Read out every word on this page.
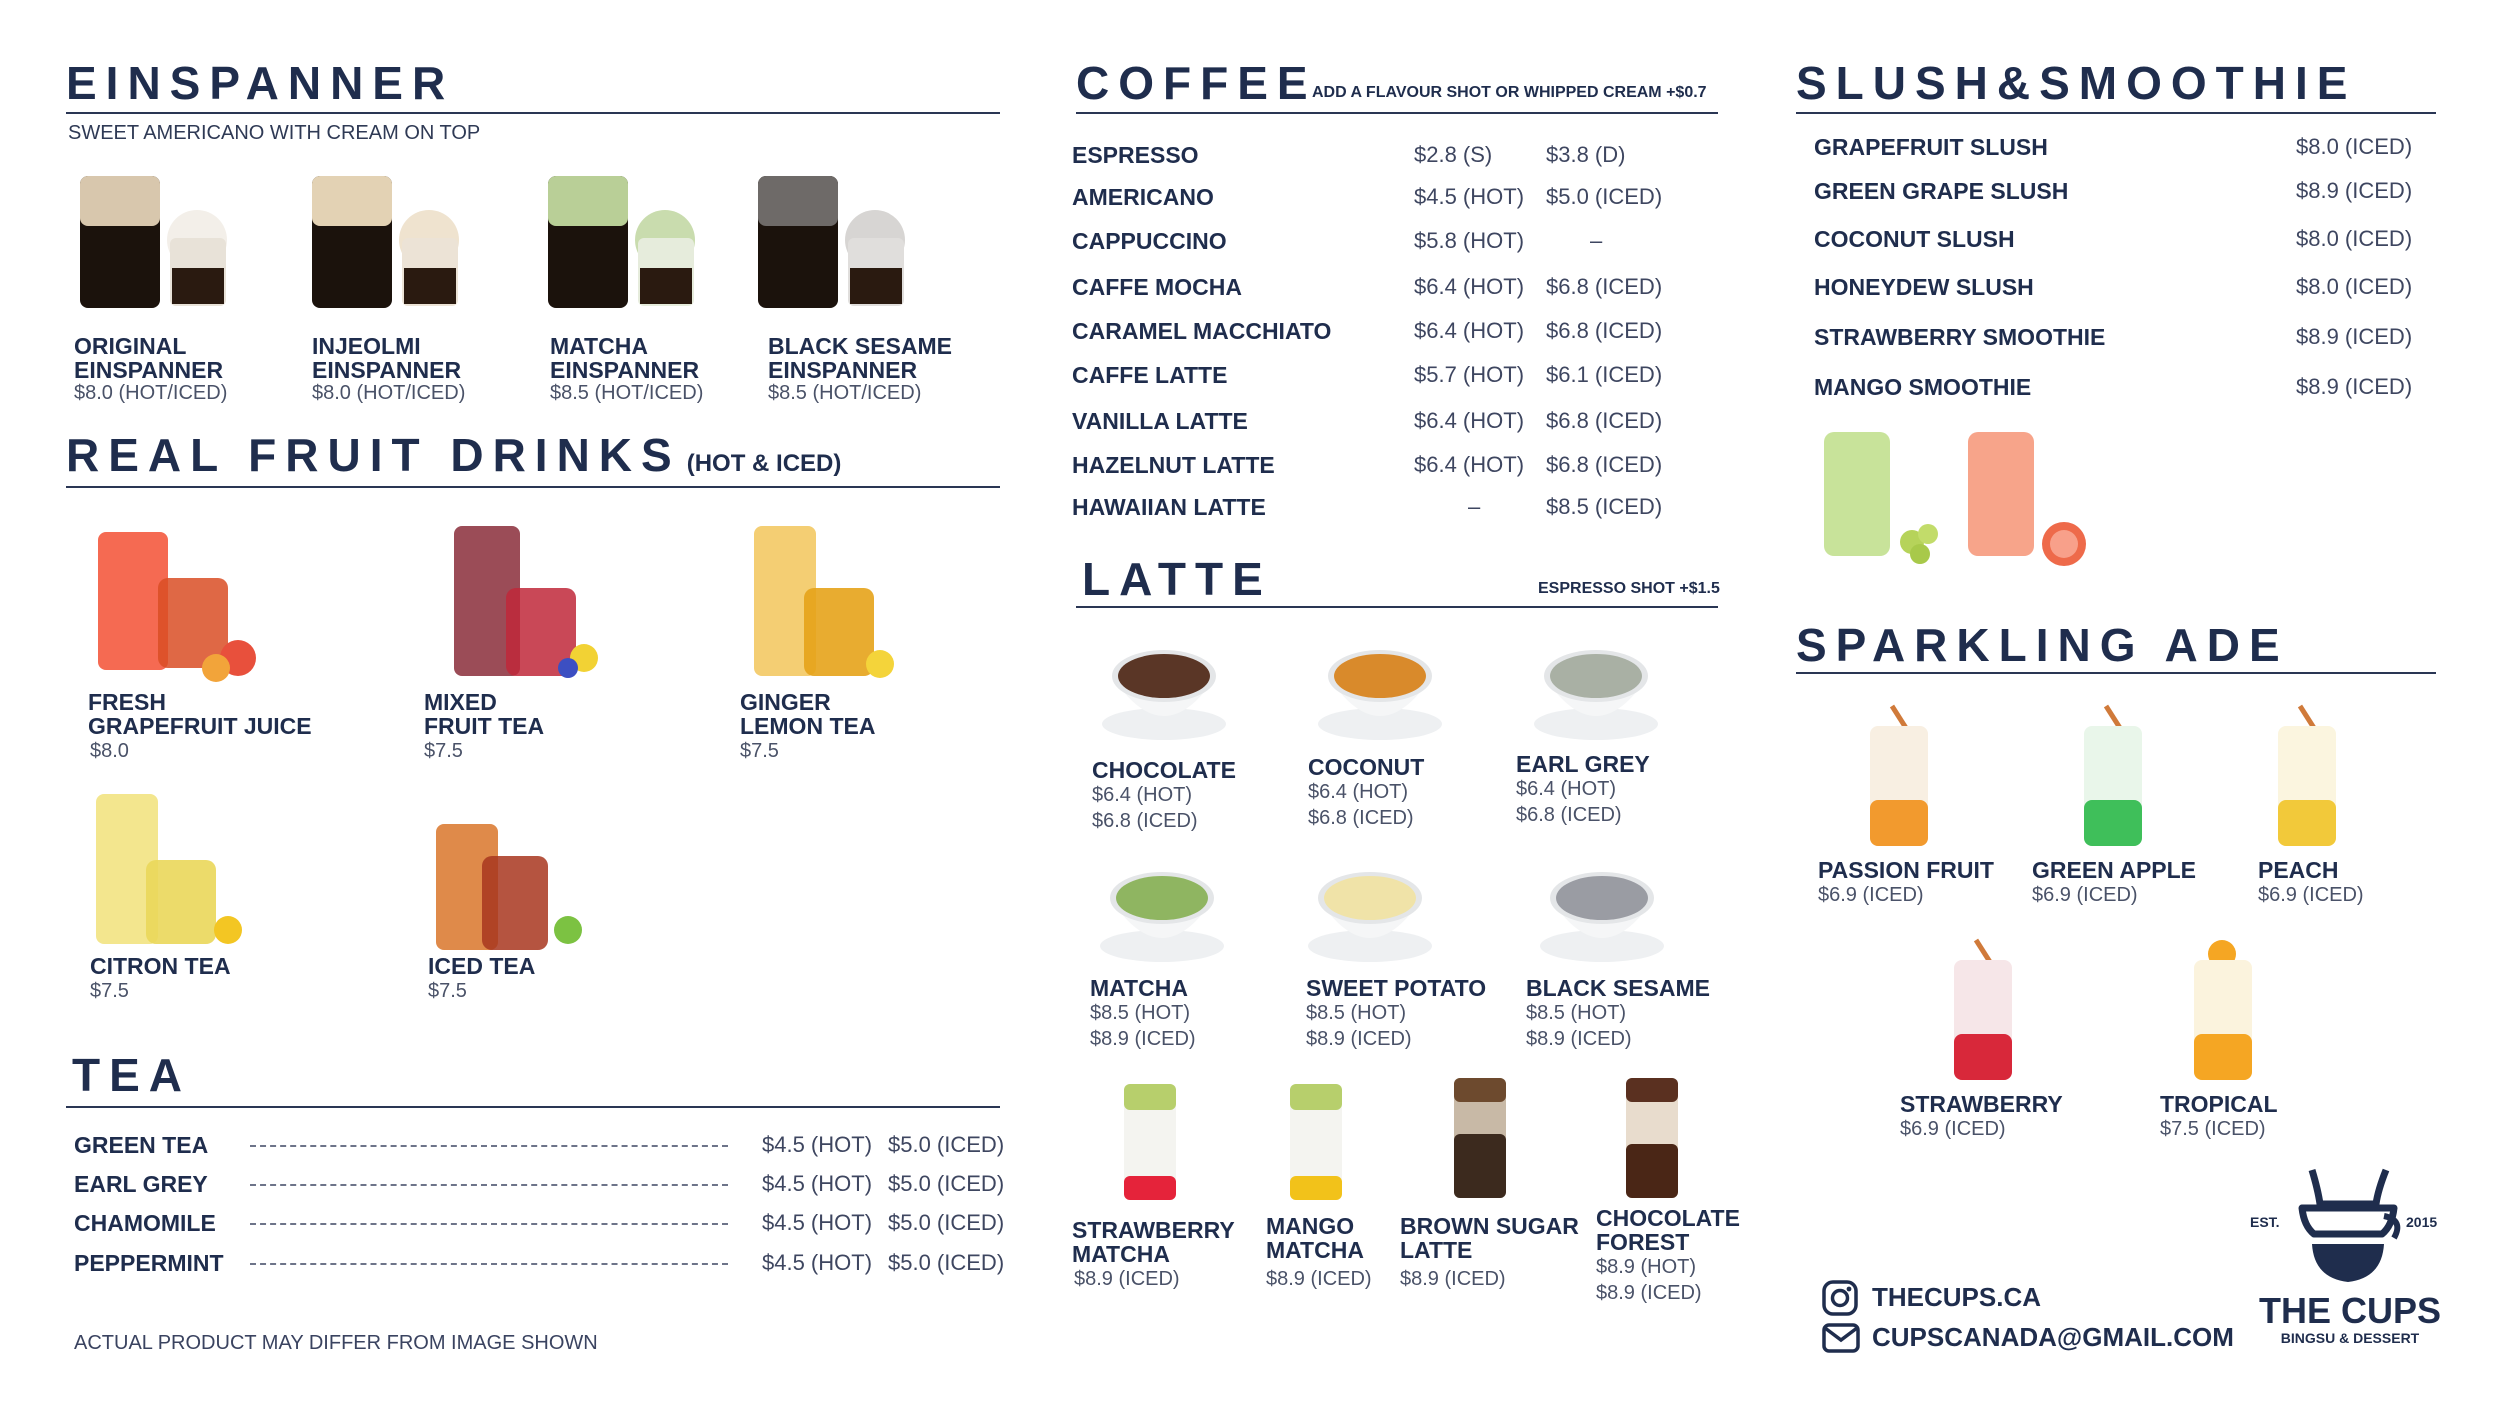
EINSPANNER
SWEET AMERICANO WITH CREAM ON TOP
ORIGINAL
EINSPANNER
$8.0 (HOT/ICED)
INJEOLMI
EINSPANNER
$8.0 (HOT/ICED)
MATCHA
EINSPANNER
$8.5 (HOT/ICED)
BLACK SESAME
EINSPANNER
$8.5 (HOT/ICED)
REAL FRUIT DRINKS (HOT & ICED)
FRESH
GRAPEFRUIT JUICE
$8.0
MIXED
FRUIT TEA
$7.5
GINGER
LEMON TEA
$7.5
CITRON TEA
$7.5
ICED TEA
$7.5
TEA
GREEN TEA	$4.5 (HOT) $5.0 (ICED)
EARL GREY	$4.5 (HOT) $5.0 (ICED)
CHAMOMILE	$4.5 (HOT) $5.0 (ICED)
PEPPERMINT	$4.5 (HOT) $5.0 (ICED)
ACTUAL PRODUCT MAY DIFFER FROM IMAGE SHOWN
COFFEE
ADD A FLAVOUR SHOT OR WHIPPED CREAM +$0.7
ESPRESSO	$2.8 (S) $3.8 (D)
AMERICANO	$4.5 (HOT) $5.0 (ICED)
CAPPUCCINO	$5.8 (HOT)	–
CAFFE MOCHA	$6.4 (HOT) $6.8 (ICED)
CARAMEL MACCHIATO	$6.4 (HOT) $6.8 (ICED)
CAFFE LATTE	$5.7 (HOT) $6.1 (ICED)
VANILLA LATTE	$6.4 (HOT) $6.8 (ICED)
HAZELNUT LATTE	$6.4 (HOT) $6.8 (ICED)
HAWAIIAN LATTE	–	$8.5 (ICED)
LATTE	ESPRESSO SHOT +$1.5
CHOCOLATE
$6.4 (HOT)
$6.8 (ICED)
COCONUT
$6.4 (HOT)
$6.8 (ICED)
EARL GREY
$6.4 (HOT)
$6.8 (ICED)
MATCHA
$8.5 (HOT)
$8.9 (ICED)
SWEET POTATO
$8.5 (HOT)
$8.9 (ICED)
BLACK SESAME
$8.5 (HOT)
$8.9 (ICED)
STRAWBERRY
MATCHA
$8.9 (ICED)
MANGO
MATCHA
$8.9 (ICED)
BROWN SUGAR
LATTE
$8.9 (ICED)
CHOCOLATE
FOREST
$8.9 (HOT)
$8.9 (ICED)
SLUSH&SMOOTHIE
GRAPEFRUIT SLUSH	$8.0 (ICED)
GREEN GRAPE SLUSH	$8.9 (ICED)
COCONUT SLUSH	$8.0 (ICED)
HONEYDEW SLUSH	$8.0 (ICED)
STRAWBERRY SMOOTHIE	$8.9 (ICED)
MANGO SMOOTHIE	$8.9 (ICED)
SPARKLING ADE
PASSION FRUIT
$6.9 (ICED)
GREEN APPLE
$6.9 (ICED)
PEACH
$6.9 (ICED)
STRAWBERRY
$6.9 (ICED)
TROPICAL
$7.5 (ICED)
THECUPS.CA
CUPSCANADA@GMAIL.COM
EST.	2015
THE CUPS
BINGSU & DESSERT
